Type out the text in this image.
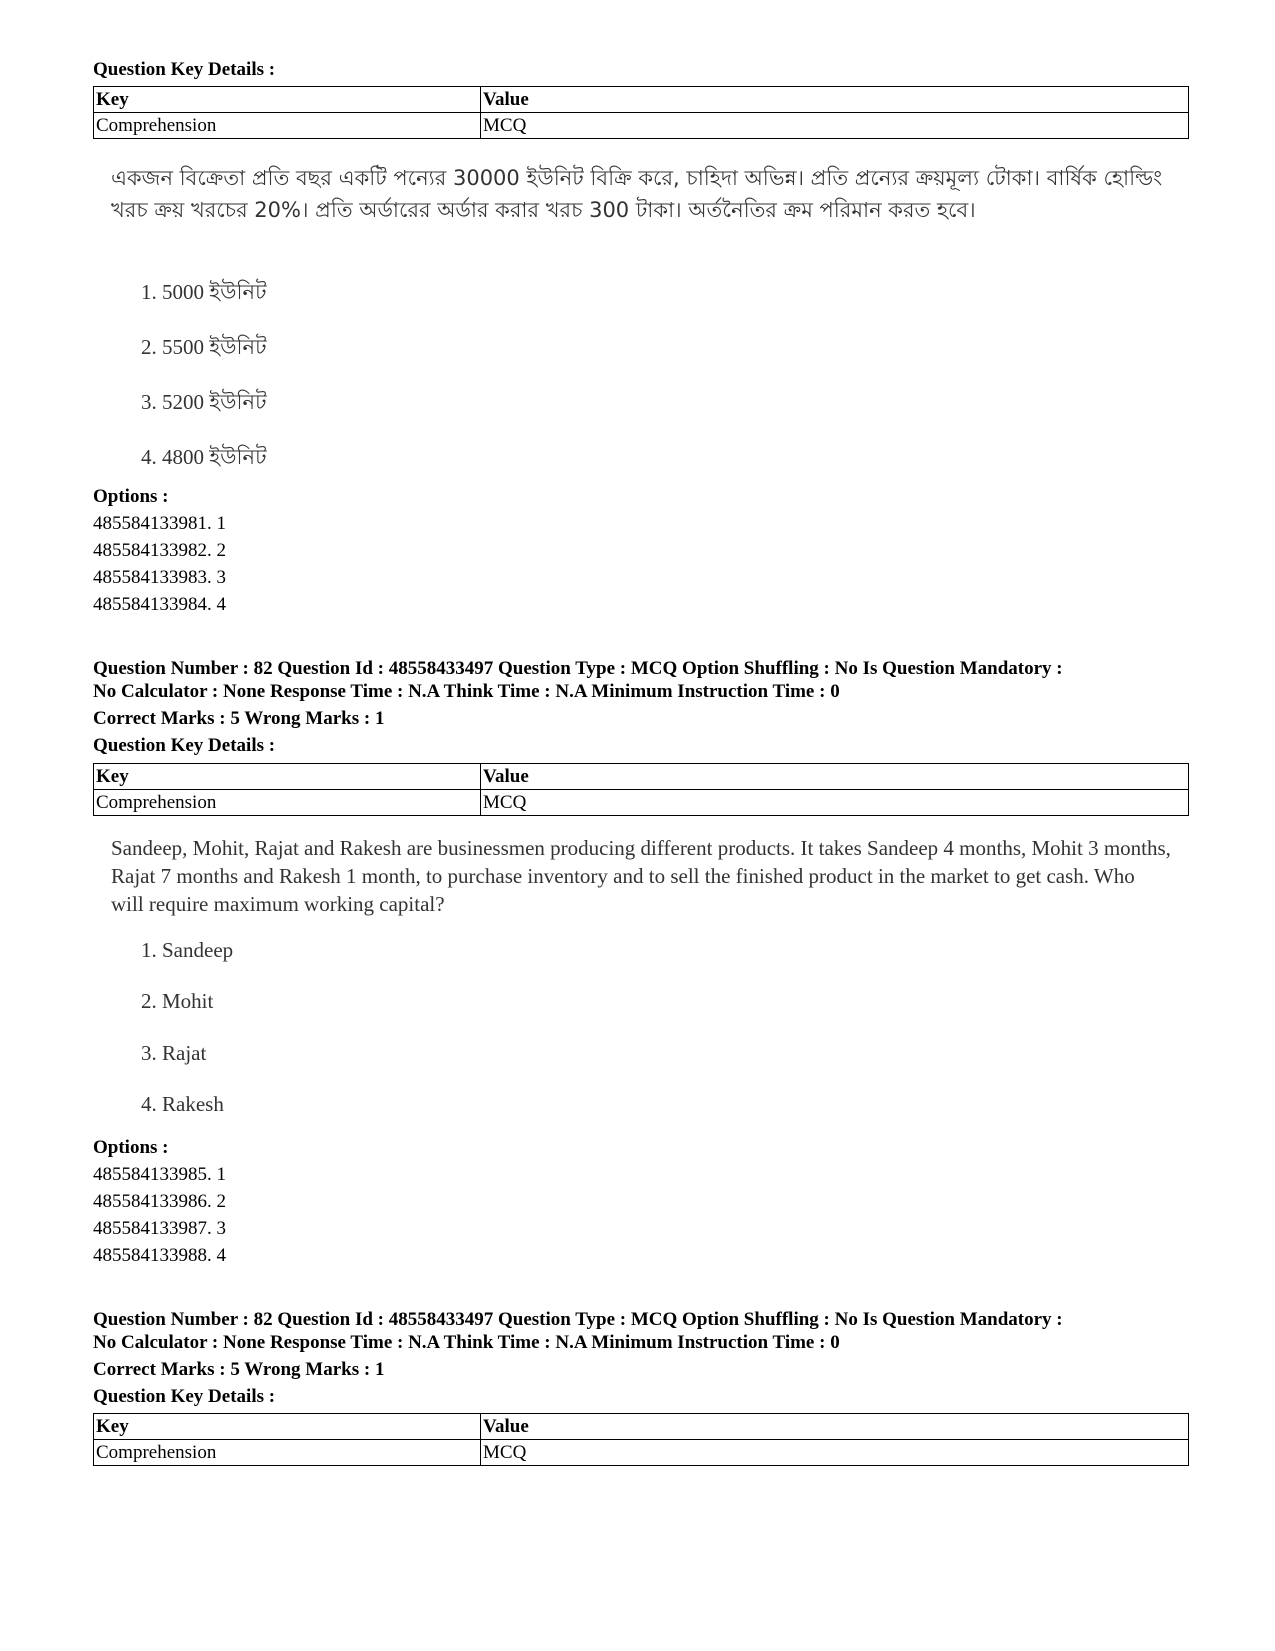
Question Key Details :
Key	Value
Comprehension	MCQ
একজন বিক্রেতা প্রতি বছর একটি পন্যের 30000 ইউনিট বিক্রি করে, চাহিদা অভিন্ন। প্রতি প্রন্যের ক্রয়মূল্য টোকা। বার্ষিক হোল্ডিং খরচ ক্রয় খরচের 20%। প্রতি অর্ডারের অর্ডার করার খরচ 300 টাকা। অর্তনৈতির ক্রম পরিমান করত হবে।
1. 5000 ইউনিট
2. 5500 ইউনিট
3. 5200 ইউনিট
4. 4800 ইউনিট
Options :
485584133981. 1
485584133982. 2
485584133983. 3
485584133984. 4
Question Number : 82 Question Id : 48558433497 Question Type : MCQ Option Shuffling : No Is Question Mandatory :
No Calculator : None Response Time : N.A Think Time : N.A Minimum Instruction Time : 0
Correct Marks : 5 Wrong Marks : 1
Question Key Details :
Key	Value
Comprehension	MCQ
Sandeep, Mohit, Rajat and Rakesh are businessmen producing different products. It takes Sandeep 4 months, Mohit 3 months, Rajat 7 months and Rakesh 1 month, to purchase inventory and to sell the finished product in the market to get cash. Who will require maximum working capital?
1. Sandeep
2. Mohit
3. Rajat
4. Rakesh
Options :
485584133985. 1
485584133986. 2
485584133987. 3
485584133988. 4
Question Number : 82 Question Id : 48558433497 Question Type : MCQ Option Shuffling : No Is Question Mandatory :
No Calculator : None Response Time : N.A Think Time : N.A Minimum Instruction Time : 0
Correct Marks : 5 Wrong Marks : 1
Question Key Details :
Key	Value
Comprehension	MCQ
